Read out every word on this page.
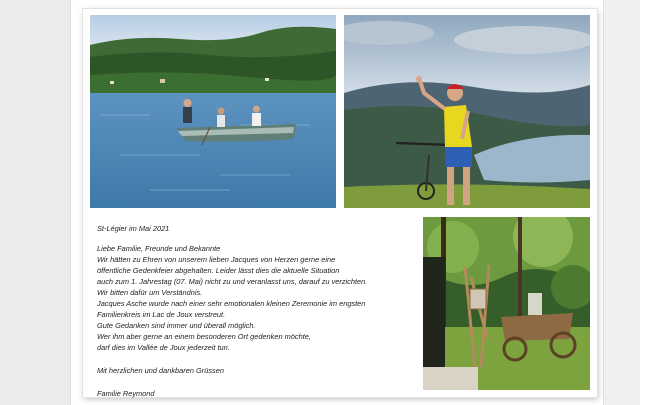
St-Légier im Mai 2021

Liebe Familie, Freunde und Bekannte

Wir hätten zu Ehren von unserem lieben Jacques von Herzen gerne eine

öffentliche Gedenkfeier abgehalten. Leider lässt dies die aktuelle Situation

auch zum 1. Jahrestag (07. Mai) nicht zu und veranlasst uns, darauf zu verzichten.

Wir bitten dafür um Verständnis.

Jacques Asche wurde nach einer sehr emotionalen kleinen Zeremonie im engsten

Familienkreis im Lac de Joux verstreut.

Gute Gedanken sind immer und überall möglich.

Wer ihm aber gerne an einem besonderen Ort gedenken möchte,

darf dies im Vallée de Joux jederzeit tun.

Mit herzlichen und dankbaren Grüssen

Familie Reymond
